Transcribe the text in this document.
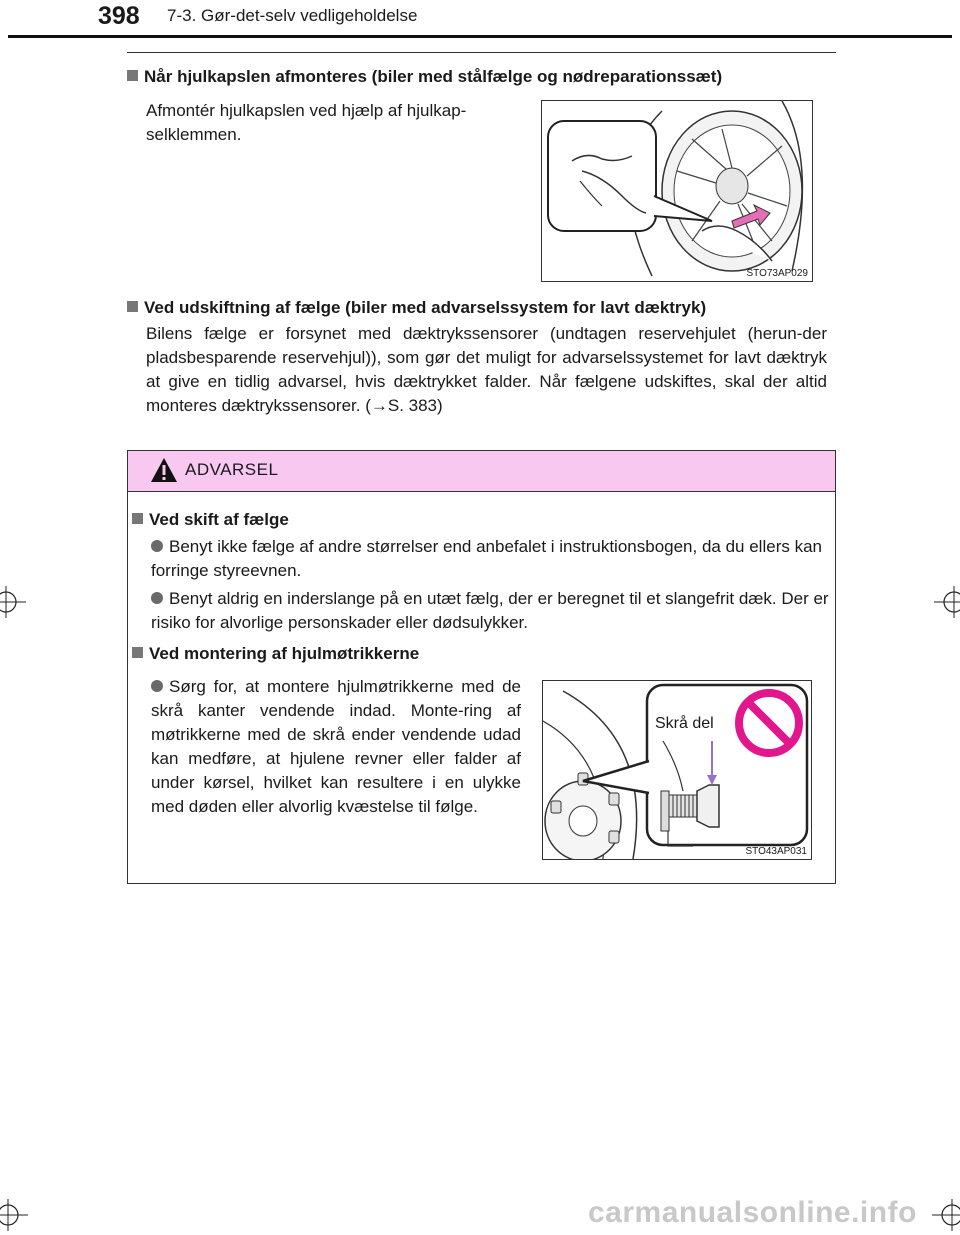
398 7-3. Gør-det-selv vedligeholdelse
Når hjulkapslen afmonteres (biler med stålfælge og nødreparationssæt)
Afmontér hjulkapslen ved hjælp af hjulkap-selklemmen.
STO73AP029
Ved udskiftning af fælge (biler med advarselssystem for lavt dæktryk)
Bilens fælge er forsynet med dæktrykssensorer (undtagen reservehjulet (herun-der pladsbesparende reservehjul)), som gør det muligt for advarselssystemet for lavt dæktryk at give en tidlig advarsel, hvis dæktrykket falder. Når fælgene udskiftes, skal der altid monteres dæktrykssensorer. (→S. 383)
ADVARSEL
Ved skift af fælge
Benyt ikke fælge af andre størrelser end anbefalet i instruktionsbogen, da du ellers kan forringe styreevnen.
Benyt aldrig en inderslange på en utæt fælg, der er beregnet til et slangefrit dæk. Der er risiko for alvorlige personskader eller dødsulykker.
Ved montering af hjulmøtrikkerne
Sørg for, at montere hjulmøtrikkerne med de skrå kanter vendende indad. Monte-ring af møtrikkerne med de skrå ender vendende udad kan medføre, at hjulene revner eller falder af under kørsel, hvilket kan resultere i en ulykke med døden eller alvorlig kvæstelse til følge.
Skrå del
STO43AP031
carmanualsonline.info
